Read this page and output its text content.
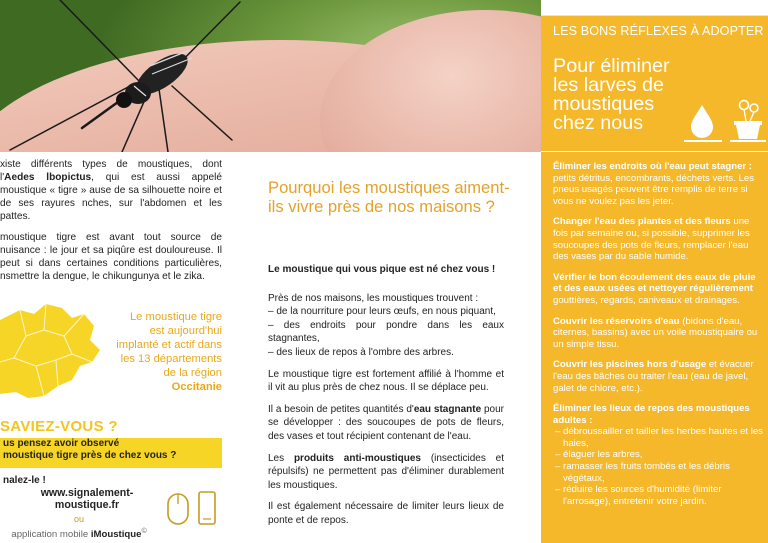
xiste différents types de moustiques, dont l'Aedes lbopictus, qui est aussi appelé moustique « tigre » ause de sa silhouette noire et de ses rayures nches, sur l'abdomen et les pattes.

moustique tigre est avant tout source de nuisance : le jour et sa piqûre est douloureuse. Il peut si dans certaines conditions particulières, nsmettre la dengue, le chikungunya et le zika.

Le moustique tigre est aujourd'hui implanté et actif dans les 13 départements de la région Occitanie
SAVIEZ-VOUS ?
us pensez avoir observé
moustique tigre près de chez vous ?
nalez-le !
www.signalement-moustique.fr
ou
application mobile iMoustique©
Pourquoi les moustiques aiment-ils vivre près de nos maisons ?

Le moustique qui vous pique est né chez vous !

Près de nos maisons, les moustiques trouvent :
– de la nourriture pour leurs œufs, en nous piquant,
– des endroits pour pondre dans les eaux stagnantes,
– des lieux de repos à l'ombre des arbres.

Le moustique tigre est fortement affilié à l'homme et il vit au plus près de chez nous. Il se déplace peu.

Il a besoin de petites quantités d'eau stagnante pour se développer : des soucoupes de pots de fleurs, des vases et tout récipient contenant de l'eau.

Les produits anti-moustiques (insecticides et répulsifs) ne permettent pas d'éliminer durablement les moustiques.

Il est également nécessaire de limiter leurs lieux de ponte et de repos.

LES BONS RÉFLEXES À ADOPTER
Pour éliminer les larves de moustiques chez nous
Éliminer les endroits où l'eau peut stagner : petits détritus, encombrants, déchets verts. Les pneus usagés peuvent être remplis de terre si vous ne voulez pas les jeter.
Changer l'eau des plantes et des fleurs une fois par semaine ou, si possible, supprimer les soucoupes des pots de fleurs, remplacer l'eau des vases par du sable humide.
Vérifier le bon écoulement des eaux de pluie et des eaux usées et nettoyer régulièrement gouttières, regards, caniveaux et drainages.
Couvrir les réservoirs d'eau (bidons d'eau, citernes, bassins) avec un voile moustiquaire ou un simple tissu.
Couvrir les piscines hors d'usage et évacuer l'eau des bâches ou traiter l'eau (eau de javel, galet de chlore, etc.).
Éliminer les lieux de repos des moustiques adultes :
– débroussailler et tailler les herbes hautes et les haies,
– élaguer les arbres,
– ramasser les fruits tombés et les débris végétaux,
– réduire les sources d'humidité (limiter l'arrosage), entretenir votre jardin.
